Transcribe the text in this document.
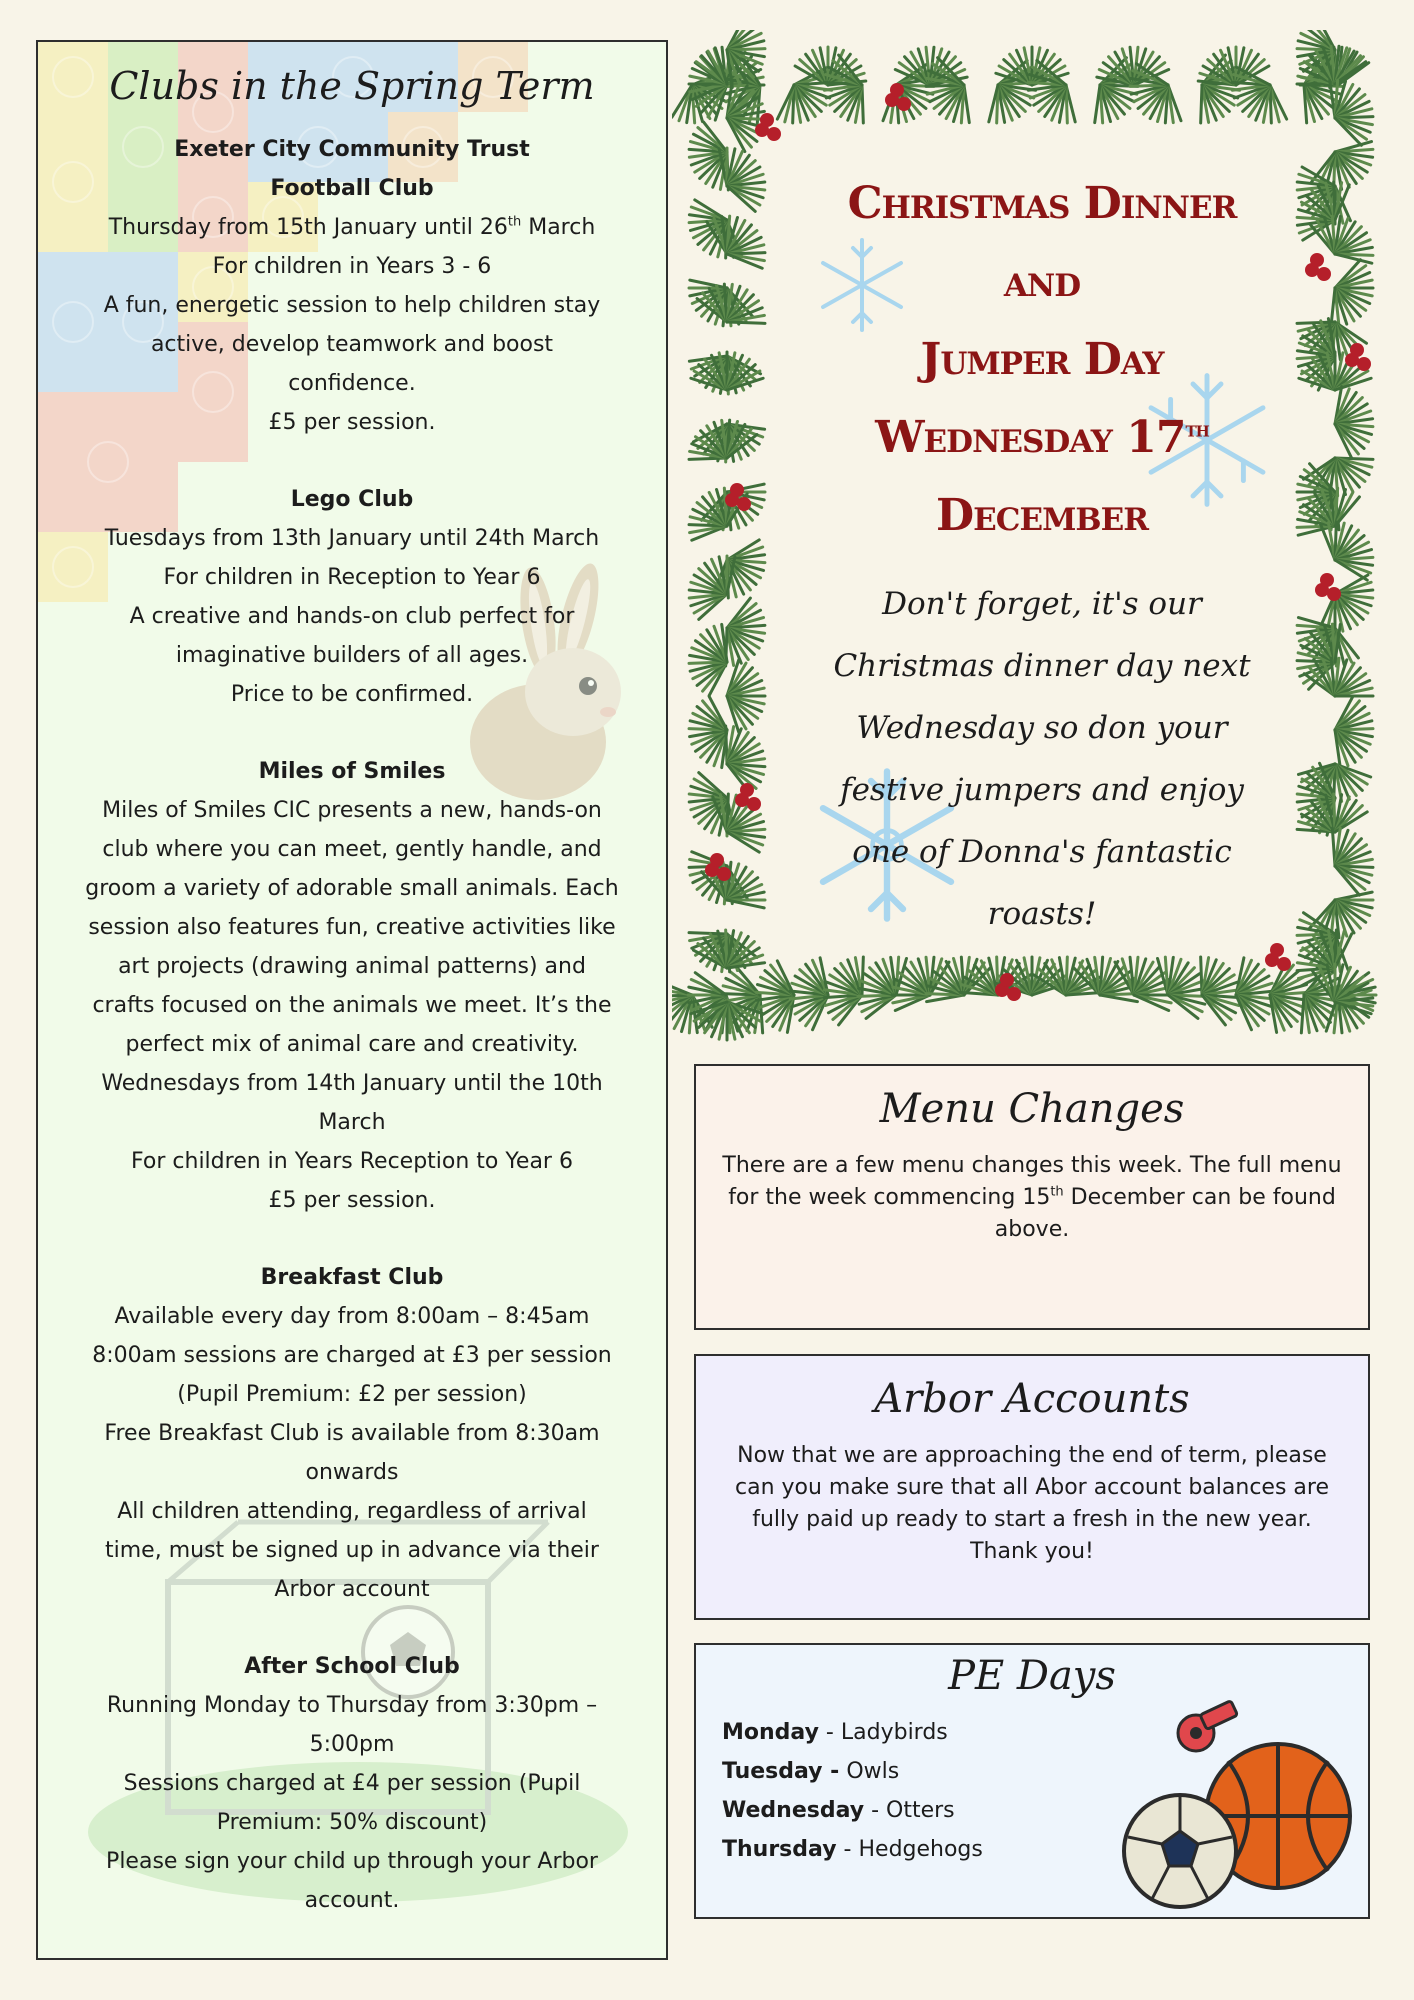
Clubs in the Spring Term
Exeter City Community Trust
Football Club
Thursday from 15th January until 26th March
For children in Years 3 - 6
A fun, energetic session to help children stay
active, develop teamwork and boost
confidence.
£5 per session.
Lego Club
Tuesdays from 13th January until 24th March
For children in Reception to Year 6
A creative and hands-on club perfect for
imaginative builders of all ages.
Price to be confirmed.
Miles of Smiles
Miles of Smiles CIC presents a new, hands-on
club where you can meet, gently handle, and
groom a variety of adorable small animals. Each
session also features fun, creative activities like
art projects (drawing animal patterns) and
crafts focused on the animals we meet. It’s the
perfect mix of animal care and creativity.
Wednesdays from 14th January until the 10th
March
For children in Years Reception to Year 6
£5 per session.
Breakfast Club
Available every day from 8:00am – 8:45am
8:00am sessions are charged at £3 per session
(Pupil Premium: £2 per session)
Free Breakfast Club is available from 8:30am
onwards
All children attending, regardless of arrival
time, must be signed up in advance via their
Arbor account
After School Club
Running Monday to Thursday from 3:30pm –
5:00pm
Sessions charged at £4 per session (Pupil
Premium: 50% discount)
Please sign your child up through your Arbor
account.
Christmas Dinner and
Jumper Day
Wednesday 17th
December
Don't forget, it's our Christmas dinner day next Wednesday so don your festive jumpers and enjoy one of Donna's fantastic roasts!
Menu Changes
There are a few menu changes this week. The full menu for the week commencing 15th December can be found above.
Arbor Accounts
Now that we are approaching the end of term, please can you make sure that all Abor account balances are fully paid up ready to start a fresh in the new year. Thank you!
PE Days
Monday - Ladybirds
Tuesday - Owls
Wednesday - Otters
Thursday - Hedgehogs
